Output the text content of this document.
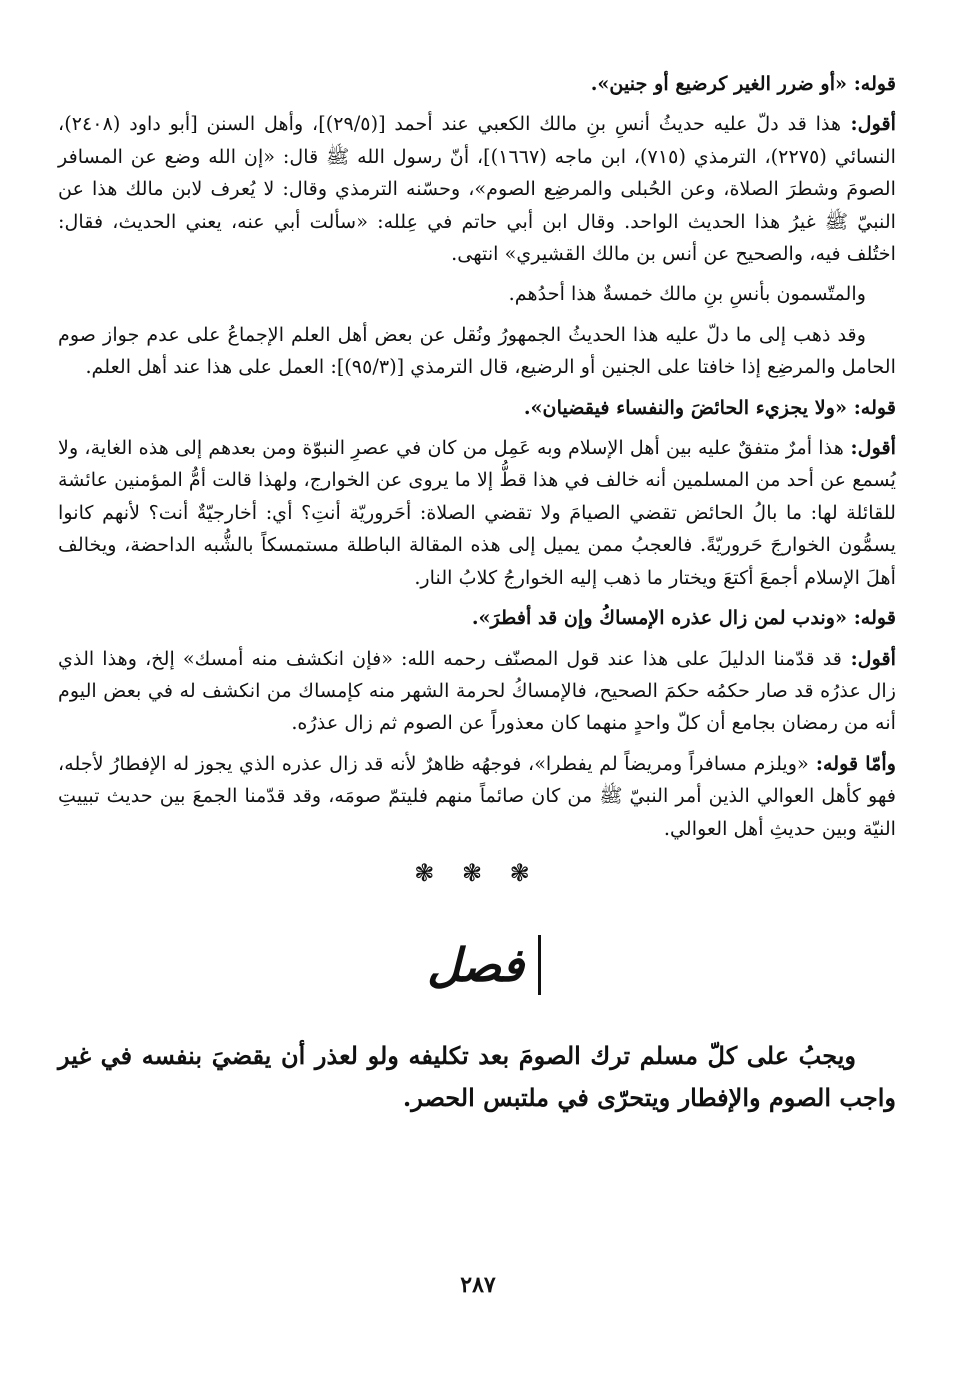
قوله: «أو ضرر الغير كرضيع أو جنين».

أقول: هذا قد دلّ عليه حديثُ أنسِ بنِ مالك الكعبي عند أحمد [(٢٩/٥)]، وأهل السنن [أبو داود (٢٤٠٨)، النسائي (٢٢٧٥)، الترمذي (٧١٥)، ابن ماجه (١٦٦٧)]، أنّ رسول الله ﷺ قال: «إن الله وضع عن المسافر الصومَ وشطرَ الصلاة، وعن الحُبلى والمرضِع الصوم»، وحسّنه الترمذي وقال: لا يُعرف لابن مالك هذا عن النبيّ ﷺ غيرُ هذا الحديث الواحد. وقال ابن أبي حاتم في عِلله: «سألت أبي عنه، يعني الحديث، فقال: اختُلف فيه، والصحيح عن أنس بن مالك القشيري» انتهى.

والمتّسمون بأنسِ بنِ مالك خمسةٌ هذا أحدُهم.

وقد ذهب إلى ما دلّ عليه هذا الحديثُ الجمهورُ ونُقل عن بعض أهل العلم الإجماعُ على عدم جواز صوم الحامل والمرضِع إذا خافتا على الجنين أو الرضيع، قال الترمذي [(٩٥/٣)]: العمل على هذا عند أهل العلم.

قوله: «ولا يجزيء الحائضَ والنفساء فيقضيان».

أقول: هذا أمرٌ متفقٌ عليه بين أهل الإسلام وبه عَمِل من كان في عصرِ النبوّة ومن بعدهم إلى هذه الغاية، ولا يُسمع عن أحد من المسلمين أنه خالف في هذا قطُّ إلا ما يروى عن الخوارج، ولهذا قالت أمُّ المؤمنين عائشة للقائلة لها: ما بالُ الحائض تقضي الصيامَ ولا تقضي الصلاة: أحَروريّة أنتِ؟ أي: أخارجيّةٌ أنت؟ لأنهم كانوا يسمُّون الخوارجَ حَروريّةً. فالعجبُ ممن يميل إلى هذه المقالة الباطلة مستمسكاً بالشُّبه الداحضة، ويخالف أهلَ الإسلام أجمعَ أكتعَ ويختار ما ذهب إليه الخوارجُ كلابُ النار.

قوله: «وندب لمن زال عذره الإمساكُ وإن قد أفطرَ».

أقول: قد قدّمنا الدليلَ على هذا عند قول المصنّف رحمه الله: «فإن انكشف منه أمسك» إلخ، وهذا الذي زال عذرُه قد صار حكمُه حكمَ الصحيح، فالإمساكُ لحرمة الشهر منه كإمساك من انكشف له في بعض اليوم أنه من رمضان بجامع أن كلّ واحدٍ منهما كان معذوراً عن الصوم ثم زال عذرُه.

وأمّا قوله: «ويلزم مسافراً ومريضاً لم يفطرا»، فوجهُه ظاهرٌ لأنه قد زال عذره الذي يجوز له الإفطارُ لأجله، فهو كأهل العوالي الذين أمر النبيّ ﷺ من كان صائماً منهم فليتمّ صومَه، وقد قدّمنا الجمعَ بين حديث تبييتِ النيّة وبين حديثِ أهل العوالي.

❃ ❃ ❃
فصل

ويجبُ على كلّ مسلم ترك الصومَ بعد تكليفه ولو لعذر أن يقضيَ بنفسه في غير واجب الصوم والإفطار ويتحرّى في ملتبس الحصر.

٢٨٧
